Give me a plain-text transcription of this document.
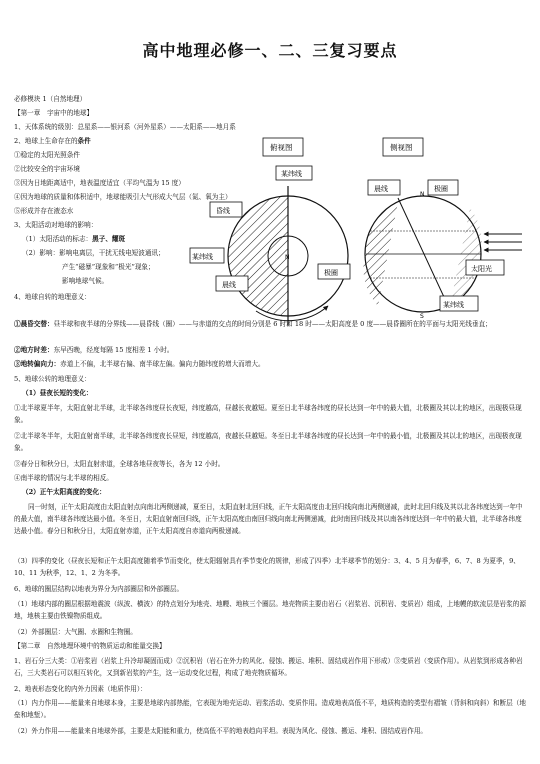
高中地理必修一、二、三复习要点

必修模块 1（自然地理）
【第一章　宇宙中的地球】
1、天体系统的级别：总星系——银河系（河外星系）——太阳系——地月系
2、地球上生命存在的条件
①稳定的太阳光照条件
②比较安全的宇宙环境
③因为日地距离适中，地表温度适宜（平均气温为 15 度）
④因为地球的质量和体积适中，地球能吸引大气形成大气层（氮、氧为主）
⑤形成并存在液态水
3、太阳活动对地球的影响：
（1）太阳活动的标志：黑子、耀斑
（2）影响：影响电离层，干扰无线电短波通讯；
产生“磁暴”现象和“极光”现象；
影响地球气候。
4、地球自转的地理意义：
N
俯视图
某纬线
昏线
某纬线
晨线
极圈
N
S
侧视图
晨线	极圈
太阳光
某纬线
①晨昏交替：昼半球和夜半球的分界线——晨昏线（圈）——与赤道的交点的时间分别是 6 时和 18 时——太阳高度是 0 度——晨昏圈所在的平面与太阳光线垂直；
②地方时差：东早西晚，经度每隔 15 度相差 1 小时。
③地转偏向力：赤道上不偏，北半球右偏、南半球左偏。偏向力随纬度的增大而增大。
5、地球公转的地理意义：
（1）昼夜长短的变化：
①北半球夏半年，太阳直射北半球，北半球各纬度昼长夜短，纬度越高，昼越长夜越短。夏至日北半球各纬度的昼长达到一年中的最大值，北极圈及其以北的地区，出现极昼现象。
②北半球冬半年，太阳直射南半球，北半球各纬度夜长昼短，纬度越高，夜越长昼越短。冬至日北半球各纬度的昼长达到一年中的最小值，北极圈及其以北的地区，出现极夜现象。
③春分日和秋分日，太阳直射赤道，全球各地昼夜等长，各为 12 小时。
④南半球的情况与北半球的相反。
（2）正午太阳高度的变化：
同一时刻，正午太阳高度由太阳直射点向南北两侧递减，夏至日，太阳直射北回归线，正午太阳高度由北回归线向南北两侧递减，此时北回归线及其以北各纬度达到一年中的最大值，南半球各纬度达最小值。冬至日，太阳直射南回归线，正午太阳高度由南回归线向南北两侧递减，此时南回归线及其以南各纬度达到一年中的最大值，北半球各纬度达最小值。春分日和秋分日，太阳直射赤道，正午太阳高度自赤道向两极递减。
（3）四季的变化（昼夜长短和正午太阳高度随着季节而变化，使太阳辐射具有季节变化的规律，形成了四季）北半球季节的划分：3、4、5 月为春季，6、7、8 为夏季，9、10、11 为秋季，12、1、2 为冬季。
6、地球的圈层结构以地表为界分为内部圈层和外部圈层。
（1）地球内部的圈层根据地震波（纵波、横波）的特点划分为地壳、地幔、地核三个圈层。地壳物质主要由岩石（岩浆岩、沉积岩、变质岩）组成，上地幔的软流层是岩浆的源地，地核主要由铁镍物质组成。
（2）外部圈层：大气圈、水圈和生物圈。
【第二章　自然地理环境中的物质运动和能量交换】
1、岩石分三大类：①岩浆岩（岩浆上升冷却凝固而成）②沉积岩（岩石在外力的风化、侵蚀、搬运、堆积、固结成岩作用下形成）③变质岩（变质作用）。从岩浆到形成各种岩石，三大类岩石可以相互转化，又到新岩浆的产生，这一运动变化过程，构成了地壳物质循环。
2、地表形态变化的内外力因素（地质作用）：
（1）内力作用——能量来自地球本身，主要是地球内部热能，它表现为地壳运动、岩浆活动、变质作用。造成地表高低不平，地质构造的类型有褶皱（背斜和向斜）和断层（地垒和地堑）。
（2）外力作用——能量来自地球外部，主要是太阳能和重力，使高低不平的地表趋向平坦。表现为风化、侵蚀、搬运、堆积、固结成岩作用。
